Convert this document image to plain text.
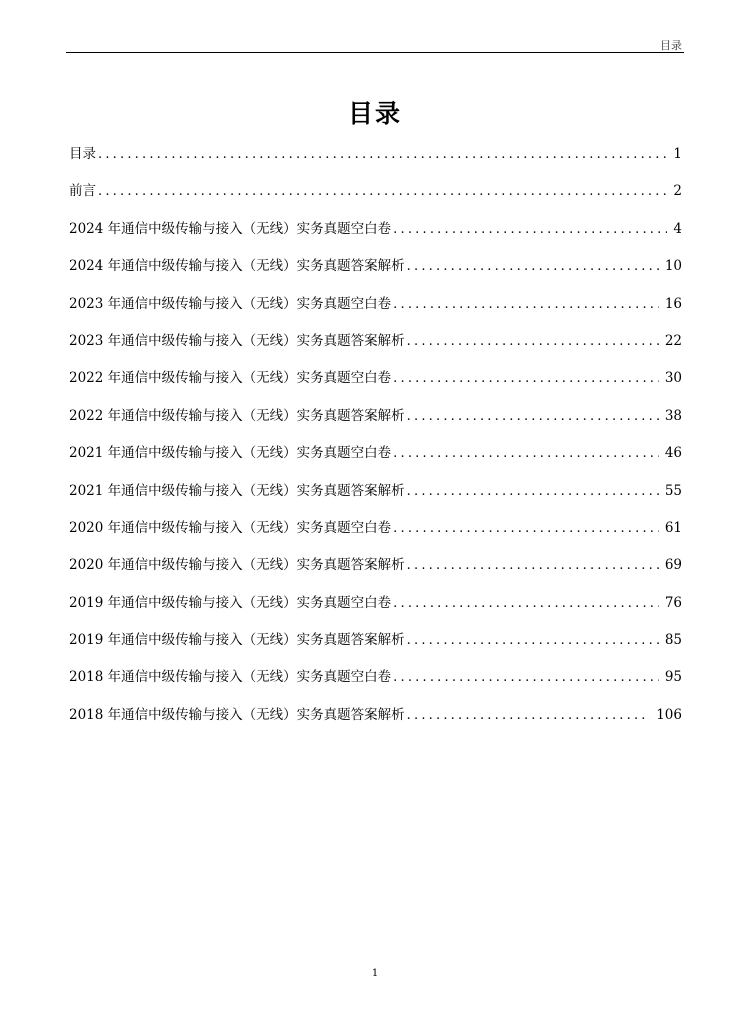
目录
目录
目录 .....	1
前言 .....	2
2024 年通信中级传输与接入（无线）实务真题空白卷 .....	4
2024 年通信中级传输与接入（无线）实务真题答案解析 .....	10
2023 年通信中级传输与接入（无线）实务真题空白卷 .....	16
2023 年通信中级传输与接入（无线）实务真题答案解析 .....	22
2022 年通信中级传输与接入（无线）实务真题空白卷 .....	30
2022 年通信中级传输与接入（无线）实务真题答案解析 .....	38
2021 年通信中级传输与接入（无线）实务真题空白卷 .....	46
2021 年通信中级传输与接入（无线）实务真题答案解析 .....	55
2020 年通信中级传输与接入（无线）实务真题空白卷 .....	61
2020 年通信中级传输与接入（无线）实务真题答案解析 .....	69
2019 年通信中级传输与接入（无线）实务真题空白卷 .....	76
2019 年通信中级传输与接入（无线）实务真题答案解析 .....	85
2018 年通信中级传输与接入（无线）实务真题空白卷 .....	95
2018 年通信中级传输与接入（无线）实务真题答案解析 .....	106
1
